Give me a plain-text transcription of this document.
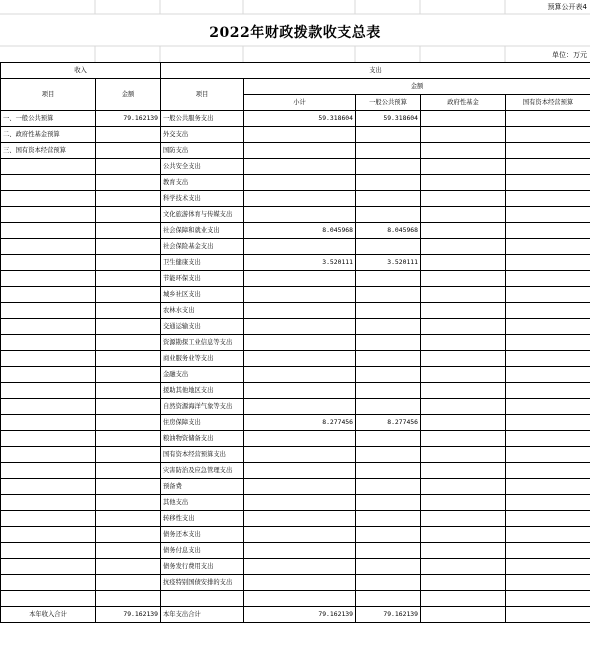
预算公开表4
2022年财政拨款收支总表
单位：万元
收入		支出				
项目	金额	项目	金额			
			小计	一般公共预算	政府性基金	国有资本经营预算
一、一般公共预算	79.162139	一般公共服务支出	59.318604	59.318604		
二、政府性基金预算		外交支出				
三、国有资本经营预算		国防支出				
		公共安全支出				
		教育支出				
		科学技术支出				
		文化旅游体育与传媒支出				
		社会保障和就业支出	8.045968	8.045968		
		社会保险基金支出				
		卫生健康支出	3.520111	3.520111		
		节能环保支出				
		城乡社区支出				
		农林水支出				
		交通运输支出				
		资源勘探工业信息等支出				
		商业服务业等支出				
		金融支出				
		援助其他地区支出				
		自然资源海洋气象等支出				
		住房保障支出	8.277456	8.277456		
		粮油物资储备支出				
		国有资本经营预算支出				
		灾害防治及应急管理支出				
		预备费				
		其他支出				
		转移性支出				
		债务还本支出				
		债务付息支出				
		债务发行费用支出				
		抗疫特别国债安排的支出				

本年收入合计	79.162139	本年支出合计	79.162139	79.162139		
